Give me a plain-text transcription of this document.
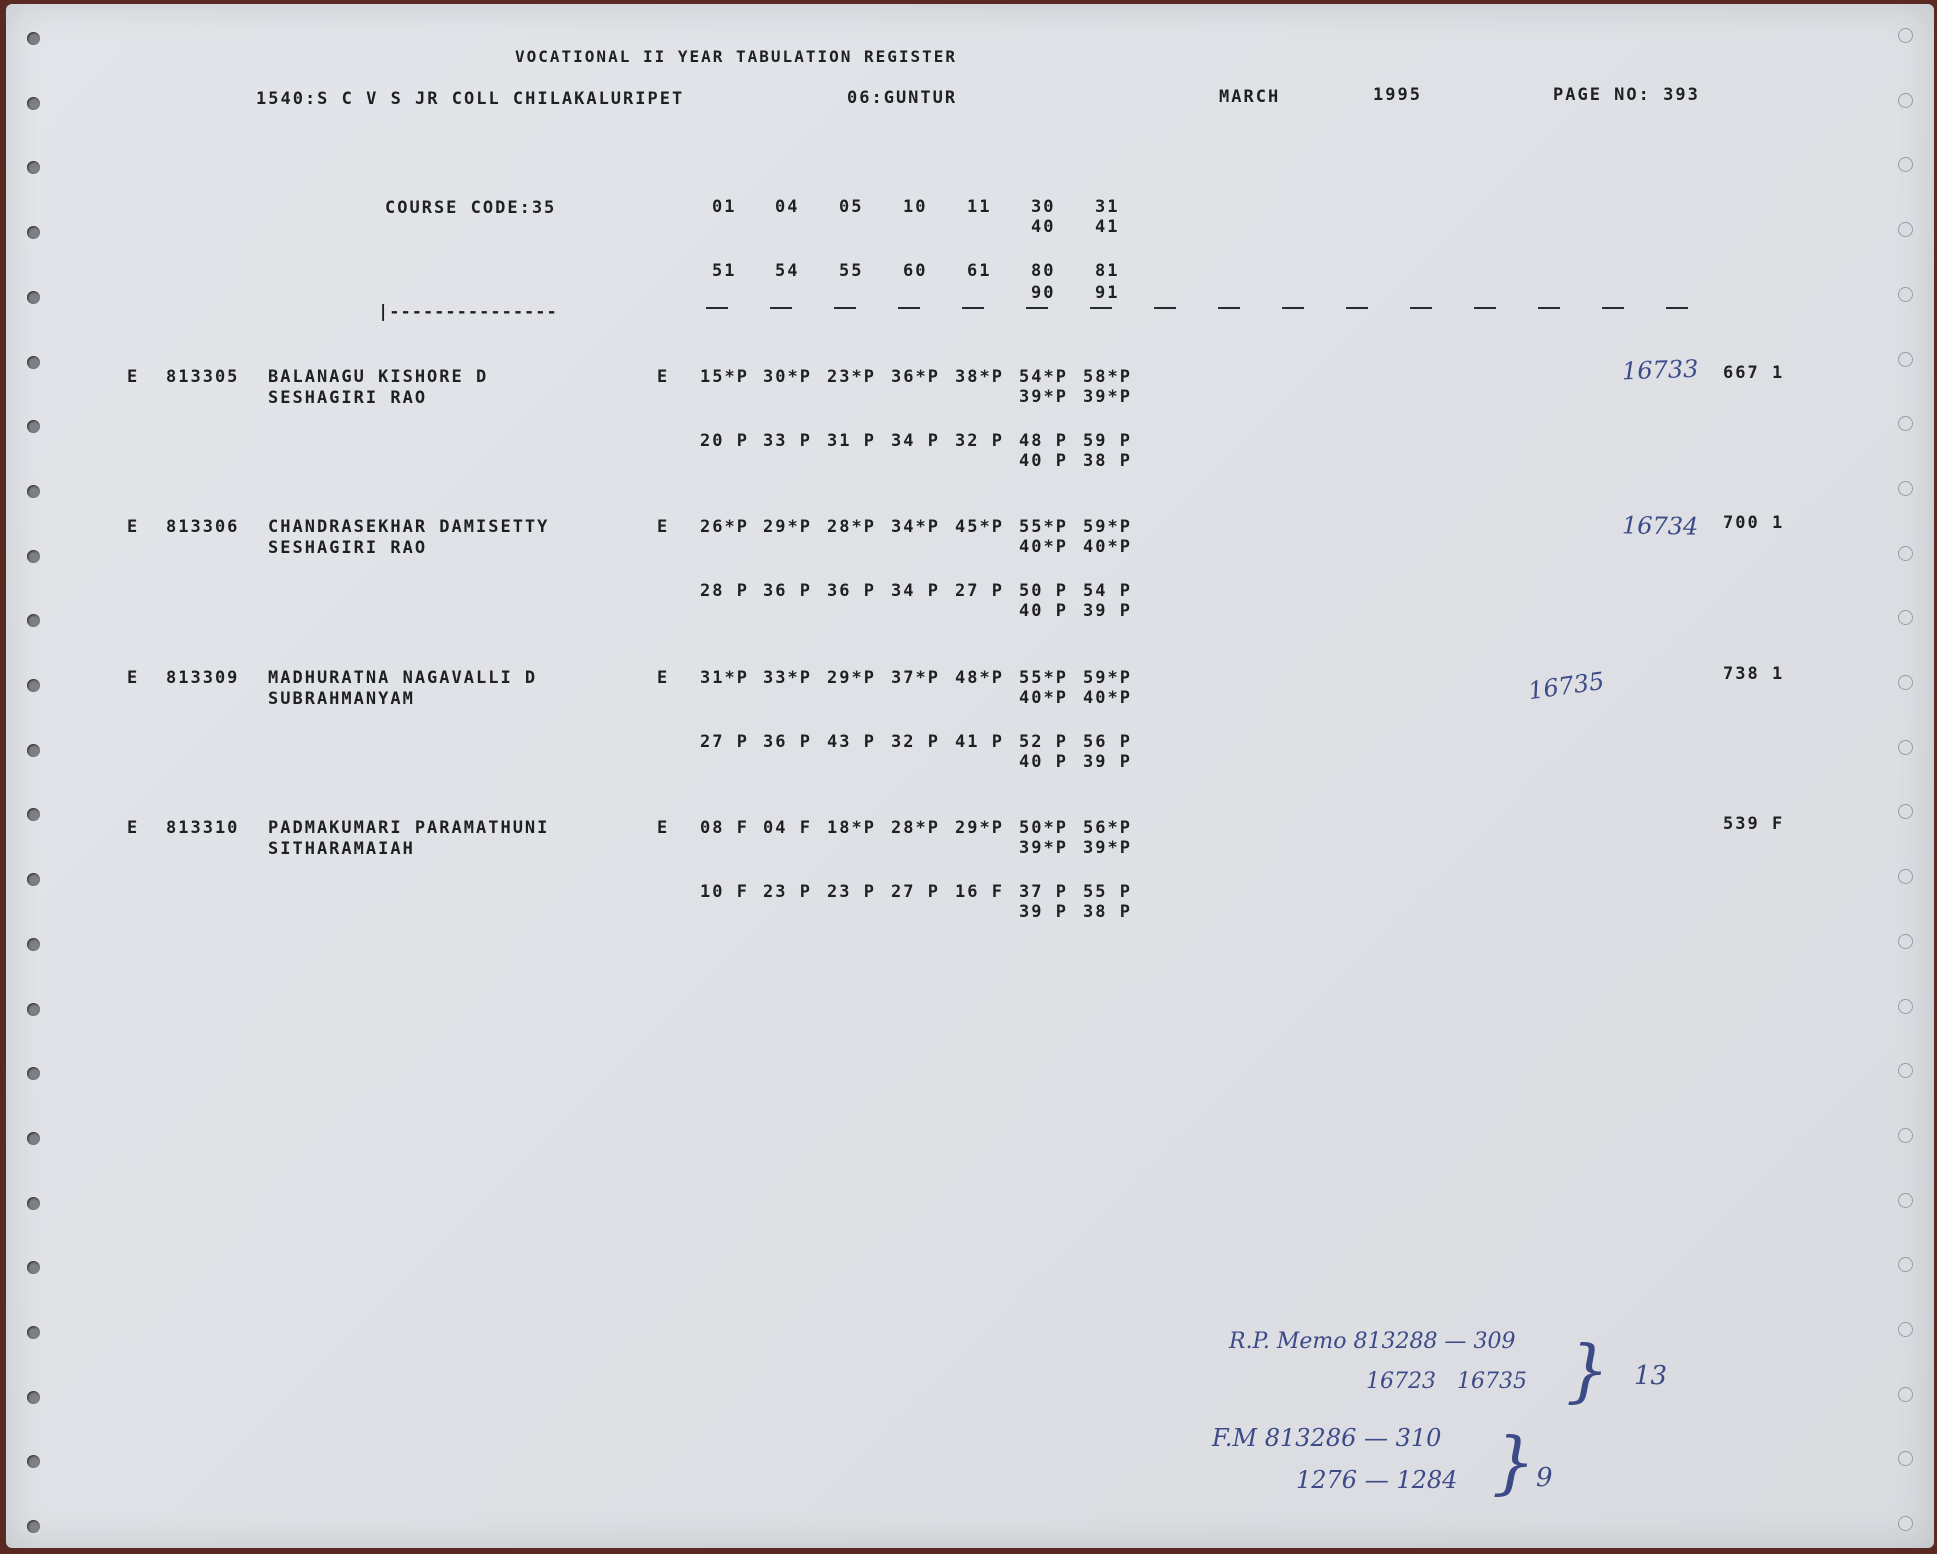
VOCATIONAL II YEAR TABULATION REGISTER
1540:S C V S JR COLL CHILAKALURIPET	06:GUNTUR	MARCH	1995	PAGE NO: 393
COURSE CODE:35
|---------------
01 04 05 10 11 30 31
40 41
51 54 55 60 61 80 81
90 91
E 813305 BALANAGU KISHORE D
SESHAGIRI RAO
E 15*P 30*P 23*P 36*P 38*P 54*P 58*P
39*P 39*P
20 P 33 P 31 P 34 P 32 P 48 P 59 P
40 P 38 P
667 1
16733
E 813306 CHANDRASEKHAR DAMISETTY
SESHAGIRI RAO
E 26*P 29*P 28*P 34*P 45*P 55*P 59*P
40*P 40*P
28 P 36 P 36 P 34 P 27 P 50 P 54 P
40 P 39 P
700 1
16734
E 813309 MADHURATNA NAGAVALLI D
SUBRAHMANYAM
E 31*P 33*P 29*P 37*P 48*P 55*P 59*P
40*P 40*P
27 P 36 P 43 P 32 P 41 P 52 P 56 P
40 P 39 P
738 1
16735
E 813310 PADMAKUMARI PARAMATHUNI
SITHARAMAIAH
E 08 F 04 F 18*P 28*P 29*P 50*P 56*P
39*P 39*P
10 F 23 P 23 P 27 P 16 F 37 P 55 P
39 P 38 P
539 F
R.P. Memo 813288 — 309
16723   16735 } 13
F.M 813286 — 310
1276 — 1284 } 9
